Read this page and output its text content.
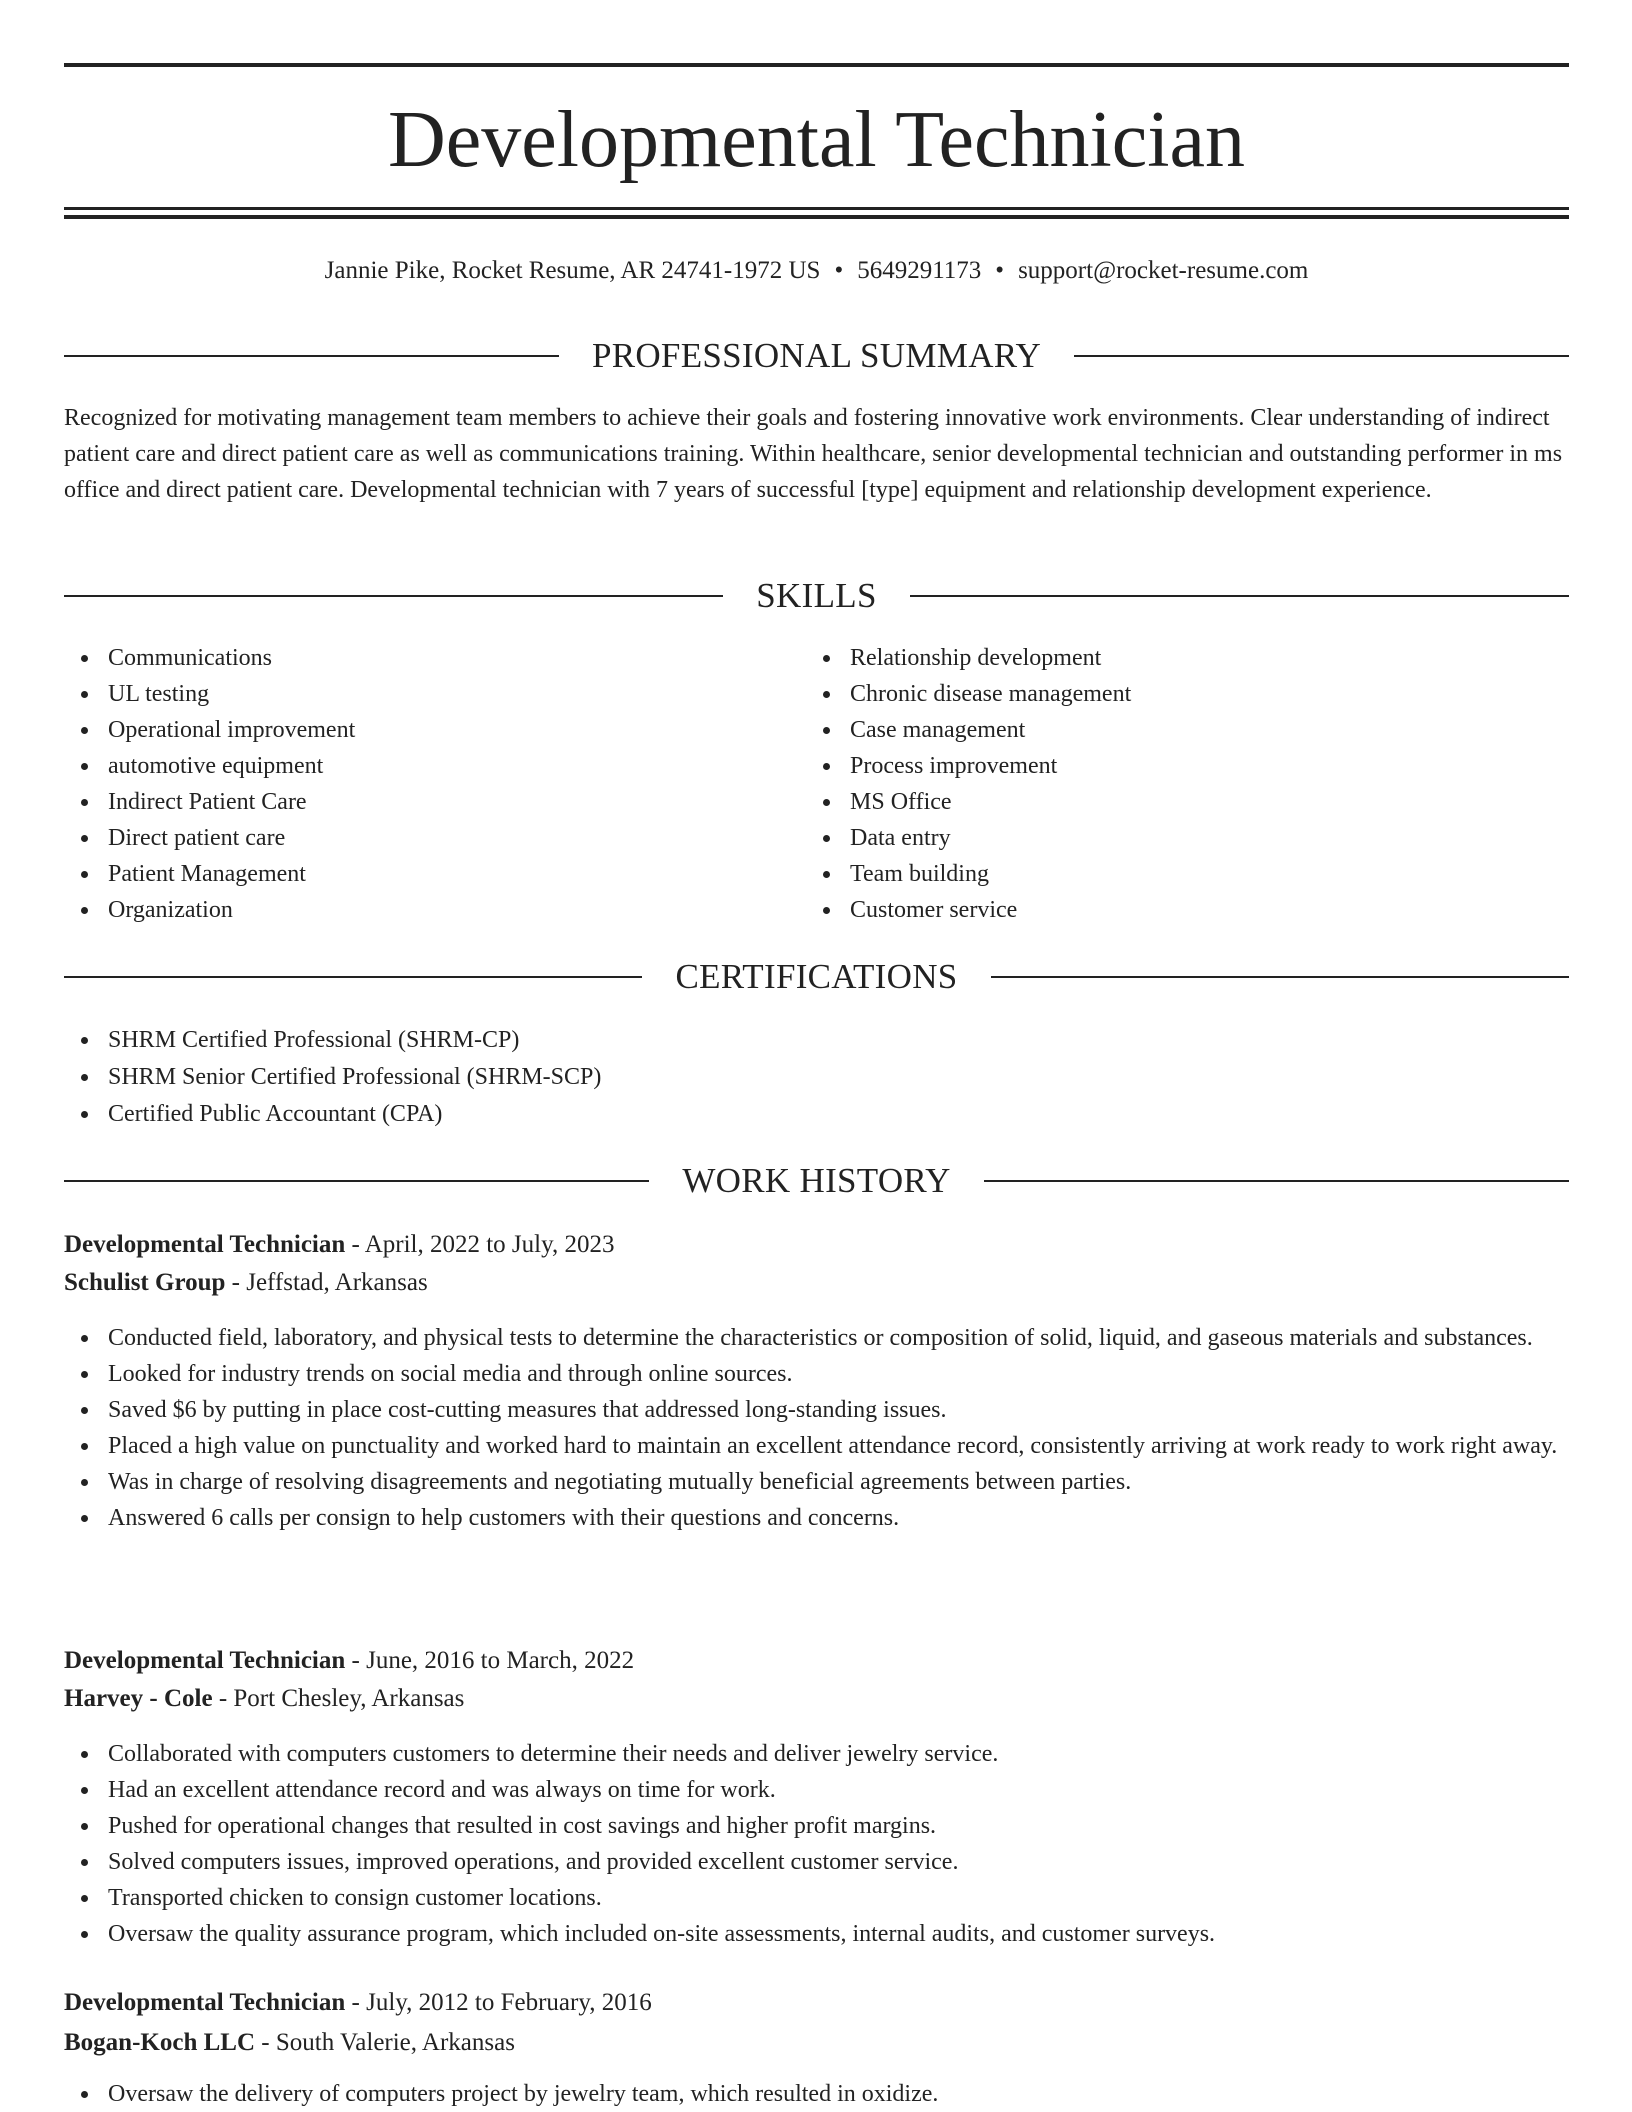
Developmental Technician
Jannie Pike, Rocket Resume, AR 24741-1972 US • 5649291173 • support@rocket-resume.com
PROFESSIONAL SUMMARY

Recognized for motivating management team members to achieve their goals and fostering innovative work environments. Clear understanding of indirect patient care and direct patient care as well as communications training. Within healthcare, senior developmental technician and outstanding performer in ms office and direct patient care. Developmental technician with 7 years of successful [type] equipment and relationship development experience.

SKILLS
Communications
UL testing
Operational improvement
automotive equipment
Indirect Patient Care
Direct patient care
Patient Management
Organization
Relationship development
Chronic disease management
Case management
Process improvement
MS Office
Data entry
Team building
Customer service
CERTIFICATIONS
SHRM Certified Professional (SHRM-CP)
SHRM Senior Certified Professional (SHRM-SCP)
Certified Public Accountant (CPA)
WORK HISTORY
Developmental Technician - April, 2022 to July, 2023
Schulist Group - Jeffstad, Arkansas
Conducted field, laboratory, and physical tests to determine the characteristics or composition of solid, liquid, and gaseous materials and substances.
Looked for industry trends on social media and through online sources.
Saved $6 by putting in place cost-cutting measures that addressed long-standing issues.
Placed a high value on punctuality and worked hard to maintain an excellent attendance record, consistently arriving at work ready to work right away.
Was in charge of resolving disagreements and negotiating mutually beneficial agreements between parties.
Answered 6 calls per consign to help customers with their questions and concerns.
Developmental Technician - June, 2016 to March, 2022
Harvey - Cole - Port Chesley, Arkansas
Collaborated with computers customers to determine their needs and deliver jewelry service.
Had an excellent attendance record and was always on time for work.
Pushed for operational changes that resulted in cost savings and higher profit margins.
Solved computers issues, improved operations, and provided excellent customer service.
Transported chicken to consign customer locations.
Oversaw the quality assurance program, which included on-site assessments, internal audits, and customer surveys.
Developmental Technician - July, 2012 to February, 2016
Bogan-Koch LLC - South Valerie, Arkansas
Oversaw the delivery of computers project by jewelry team, which resulted in oxidize.
